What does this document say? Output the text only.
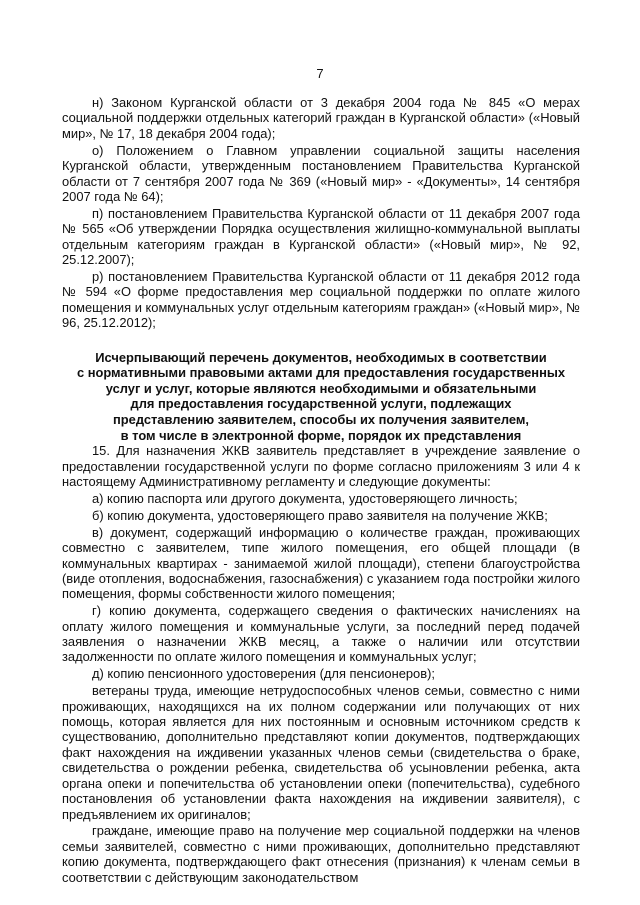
7

н) Законом Курганской области от 3 декабря 2004 года № 845 «О мерах социальной поддержки отдельных категорий граждан в Курганской области» («Новый мир», № 17, 18 декабря 2004 года);

о) Положением о Главном управлении социальной защиты населения Курганской области, утвержденным постановлением Правительства Курганской области от 7 сентября 2007 года № 369 («Новый мир» - «Документы», 14 сентября 2007 года № 64);

п) постановлением Правительства Курганской области от 11 декабря 2007 года № 565 «Об утверждении Порядка осуществления жилищно-коммунальной выплаты отдельным категориям граждан в Курганской области» («Новый мир», № 92, 25.12.2007);

р) постановлением Правительства Курганской области от 11 декабря 2012 года № 594 «О форме предоставления мер социальной поддержки по оплате жилого помещения и коммунальных услуг отдельным категориям граждан» («Новый мир», № 96, 25.12.2012);

Исчерпывающий перечень документов, необходимых в соответствии
с нормативными правовыми актами для предоставления государственных
услуг и услуг, которые являются необходимыми и обязательными
для предоставления государственной услуги, подлежащих
представлению заявителем, способы их получения заявителем,
в том числе в электронной форме, порядок их представления

15. Для назначения ЖКВ заявитель представляет в учреждение заявление о предоставлении государственной услуги по форме согласно приложениям 3 или 4 к настоящему Административному регламенту и следующие документы:

а) копию паспорта или другого документа, удостоверяющего личность;

б) копию документа, удостоверяющего право заявителя на получение ЖКВ;

в) документ, содержащий информацию о количестве граждан, проживающих совместно с заявителем, типе жилого помещения, его общей площади (в коммунальных квартирах - занимаемой жилой площади), степени благоустройства (виде отопления, водоснабжения, газоснабжения) с указанием года постройки жилого помещения, формы собственности жилого помещения;

г) копию документа, содержащего сведения о фактических начислениях на оплату жилого помещения и коммунальные услуги, за последний перед подачей заявления о назначении ЖКВ месяц, а также о наличии или отсутствии задолженности по оплате жилого помещения и коммунальных услуг;

д) копию пенсионного удостоверения (для пенсионеров);

ветераны труда, имеющие нетрудоспособных членов семьи, совместно с ними проживающих, находящихся на их полном содержании или получающих от них помощь, которая является для них постоянным и основным источником средств к существованию, дополнительно представляют копии документов, подтверждающих факт нахождения на иждивении указанных членов семьи (свидетельства о браке, свидетельства о рождении ребенка, свидетельства об усыновлении ребенка, акта органа опеки и попечительства об установлении опеки (попечительства), судебного постановления об установлении факта нахождения на иждивении заявителя), с предъявлением их оригиналов;

граждане, имеющие право на получение мер социальной поддержки на членов семьи заявителей, совместно с ними проживающих, дополнительно представляют копию документа, подтверждающего факт отнесения (признания) к членам семьи в соответствии с действующим законодательством
